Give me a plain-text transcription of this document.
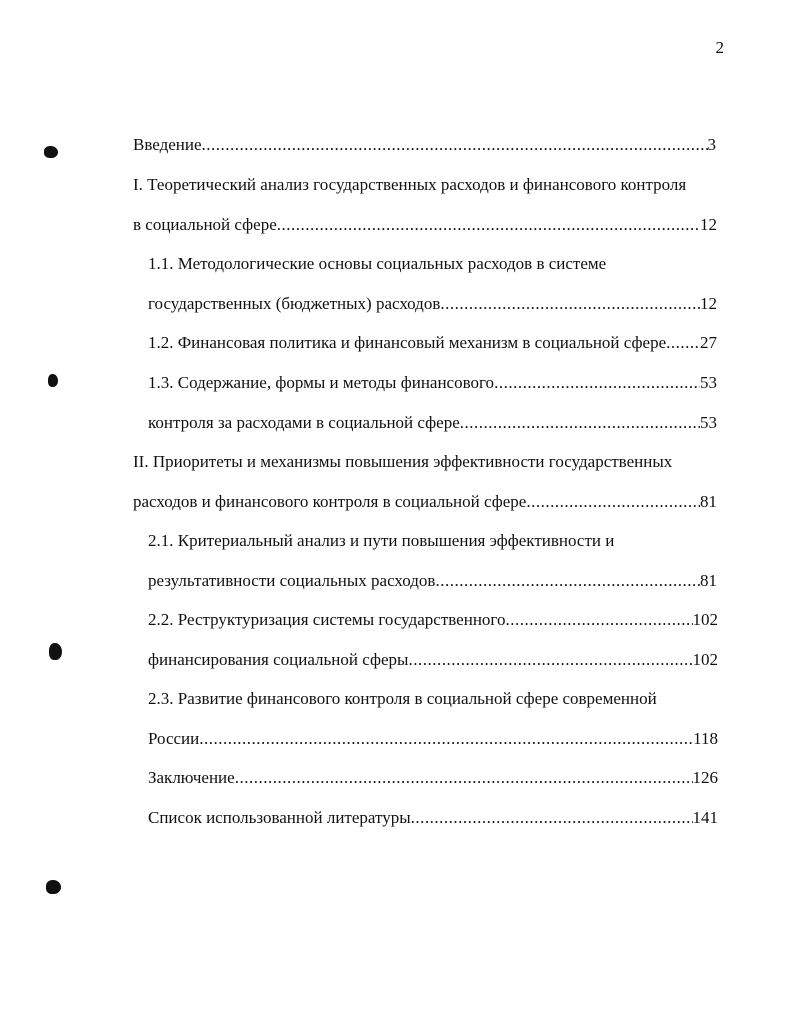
2
Введение .....	3
I. Теоретический анализ государственных расходов и финансового контроля
в социальной сфере .....	12
1.1. Методологические основы социальных расходов в системе
государственных (бюджетных) расходов .....	12
1.2. Финансовая политика и финансовый механизм в социальной сфере ..... 27
1.3. Содержание, формы и методы финансового .....	53
контроля за расходами в социальной сфере .....	53
II. Приоритеты и механизмы повышения эффективности государственных
расходов и финансового контроля в социальной сфере .....	81
2.1. Критериальный анализ и пути повышения эффективности и
результативности социальных расходов .....	81
2.2. Реструктуризация системы государственного .....	102
финансирования социальной сферы .....	102
2.3. Развитие финансового контроля в социальной сфере современной
России .....	118
Заключение .....	126
Список использованной литературы .....	141
